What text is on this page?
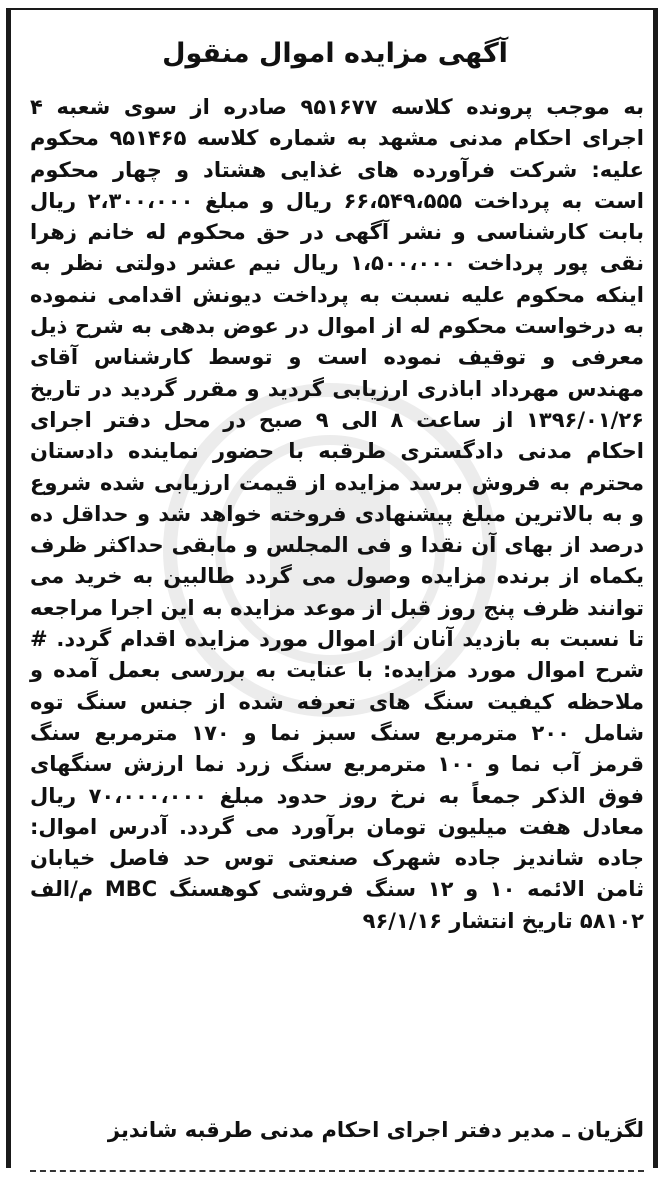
آگهی مزایده اموال منقول

به موجب پرونده کلاسه ۹۵۱۶۷۷ صادره از سوی شعبه ۴ اجرای احکام مدنی مشهد به شماره کلاسه ۹۵۱۴۶۵ محکوم علیه: شرکت فرآورده های غذایی هشتاد و چهار محکوم است به پرداخت ۶۶،۵۴۹،۵۵۵ ریال و مبلغ ۲،۳۰۰،۰۰۰ ریال بابت کارشناسی و نشر آگهی در حق محکوم له خانم زهرا نقی پور پرداخت ۱،۵۰۰،۰۰۰ ریال نیم عشر دولتی نظر به اینکه محکوم علیه نسبت به پرداخت دیونش اقدامی ننموده به درخواست محکوم له از اموال در عوض بدهی به شرح ذیل معرفی و توقیف نموده است و توسط کارشناس آقای مهندس مهرداد اباذری ارزیابی گردید و مقرر گردید در تاریخ ۱۳۹۶/۰۱/۲۶ از ساعت ۸ الی ۹ صبح در محل دفتر اجرای احکام مدنی دادگستری طرقبه با حضور نماینده دادستان محترم به فروش برسد مزایده از قیمت ارزیابی شده شروع و به بالاترین مبلغ پیشنهادی فروخته خواهد شد و حداقل ده درصد از بهای آن نقدا و فی المجلس و مابقی حداکثر ظرف یکماه از برنده مزایده وصول می گردد طالبین به خرید می توانند ظرف پنج روز قبل از موعد مزایده به این اجرا مراجعه تا نسبت به بازدید آنان از اموال مورد مزایده اقدام گردد. # شرح اموال مورد مزایده: با عنایت به بررسی بعمل آمده و ملاحظه کیفیت سنگ های تعرفه شده از جنس سنگ توه شامل ۲۰۰ مترمربع سنگ سبز نما و ۱۷۰ مترمربع سنگ قرمز آب نما و ۱۰۰ مترمربع سنگ زرد نما ارزش سنگهای فوق الذکر جمعاً به نرخ روز حدود مبلغ ۷۰،۰۰۰،۰۰۰ ریال معادل هفت میلیون تومان برآورد می گردد. آدرس اموال: جاده شاندیز جاده شهرک صنعتی توس حد فاصل خیابان ثامن الائمه ۱۰ و ۱۲ سنگ فروشی کوهسنگ MBC م/الف ۵۸۱۰۲ تاریخ انتشار ۹۶/۱/۱۶

لگزیان ـ مدیر دفتر اجرای احکام مدنی طرقبه شاندیز
